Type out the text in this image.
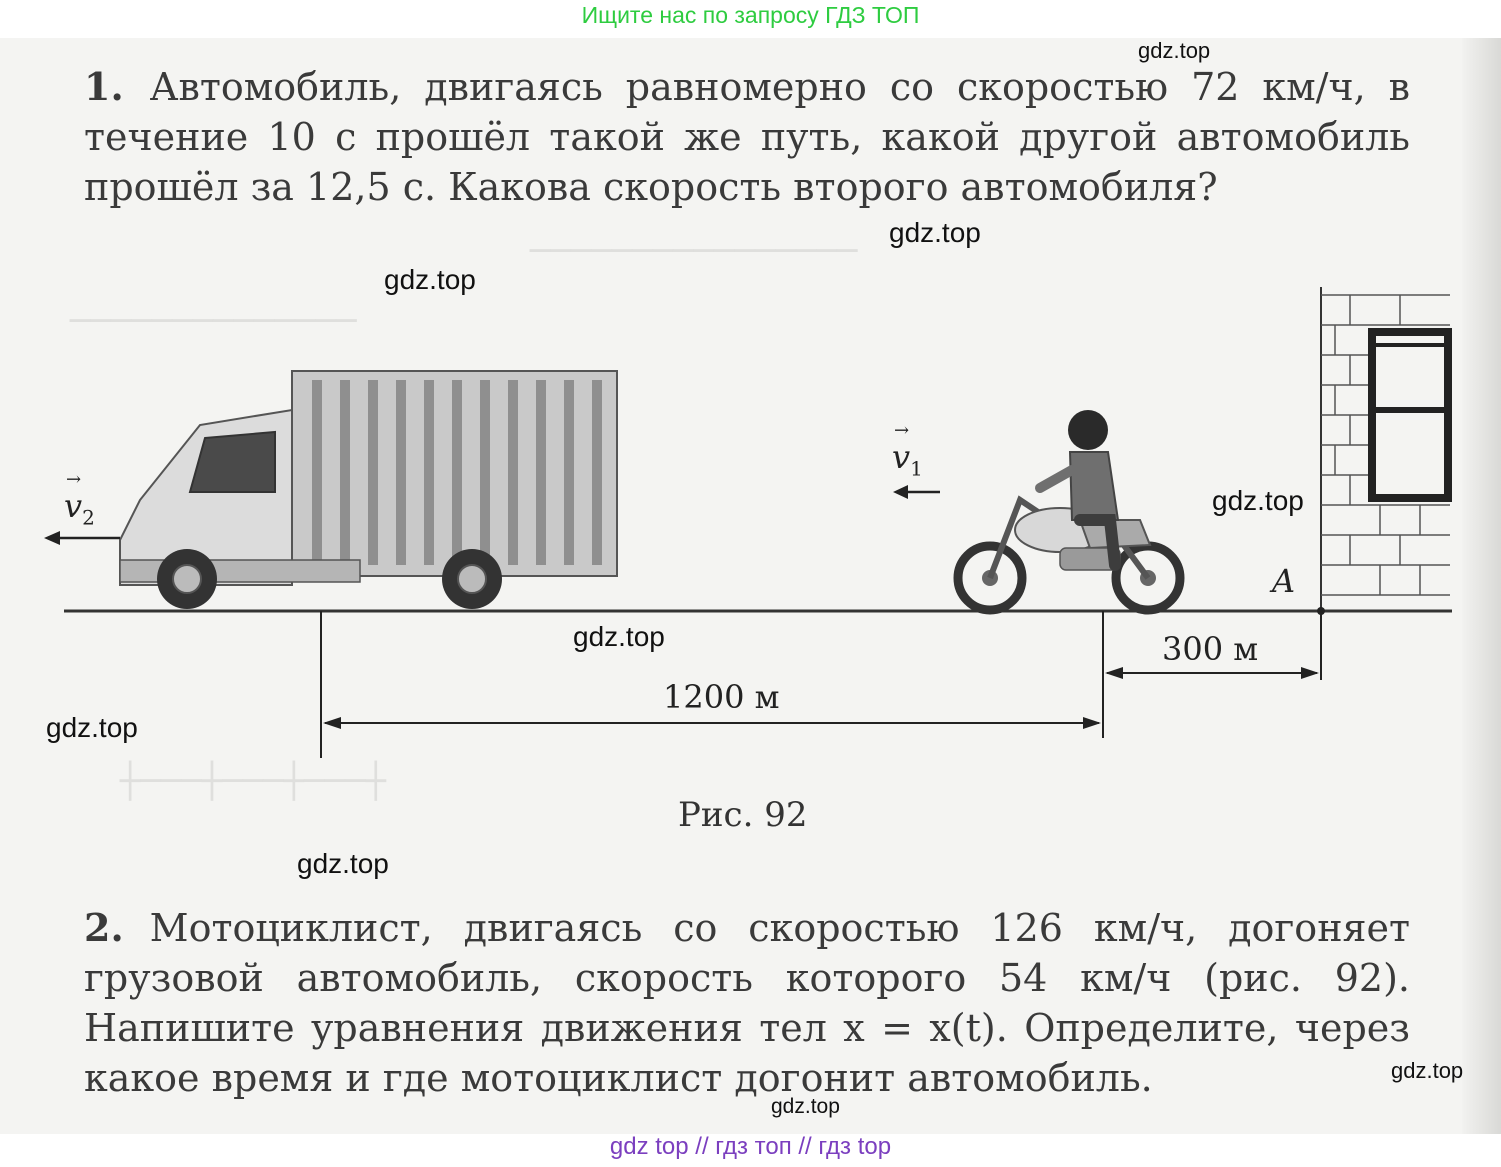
────────────────
──────────────
┼───┼───┼───┼
Ищите нас по запросу ГДЗ ТОП
1. Автомобиль, двигаясь равномерно со скоростью 72 км/ч, в течение 10 с прошёл такой же путь, какой другой автомобиль прошёл за 12,5 с. Какова скорость второго автомобиля?
→
$v_2$
→
$v_1$
A
1200 м
300 м
Рис. 92
2. Мотоциклист, двигаясь со скоростью 126 км/ч, догоняет грузовой автомобиль, скорость которого 54 км/ч (рис. 92). Напишите уравнения движения тел x = x(t). Определите, через какое время и где мотоциклист догонит автомобиль.
gdz.top
gdz.top
gdz.top
gdz.top
gdz.top
gdz.top
gdz.top
gdz.top
gdz.top
gdz top // гдз топ // гдз top
